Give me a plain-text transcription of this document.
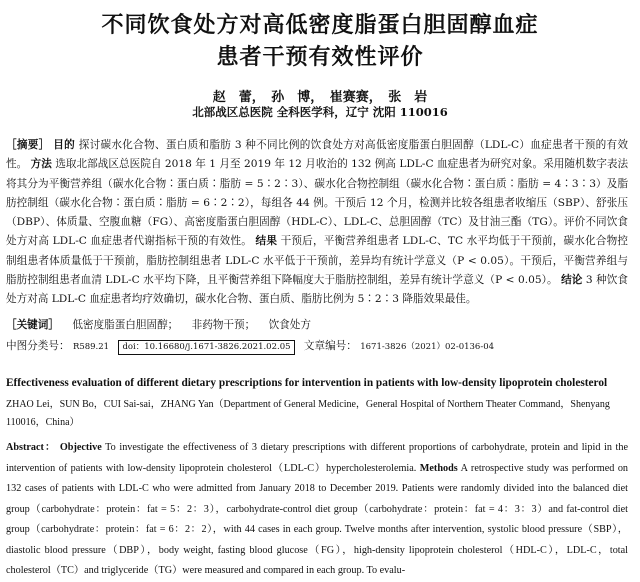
不同饮食处方对高低密度脂蛋白胆固醇血症
患者干预有效性评价
赵　蕾，　孙　博，　崔赛赛，　张　岩
北部战区总医院 全科医学科，辽宁 沈阳 110016
［摘要］ 目的 探讨碳水化合物、蛋白质和脂肪 3 种不同比例的饮食处方对高低密度脂蛋白胆固醇（LDL-C）血症患者干预的有效性。 方法 选取北部战区总医院自 2018 年 1 月至 2019 年 12 月收治的 132 例高 LDL-C 血症患者为研究对象。采用随机数字表法将其分为平衡营养组（碳水化合物∶蛋白质∶脂肪 = 5∶2∶3）、碳水化合物控制组（碳水化合物∶蛋白质∶脂肪 = 4∶3∶3）及脂肪控制组（碳水化合物∶蛋白质∶脂肪 = 6∶2∶2），每组各 44 例。干预后 12 个月，检测并比较各组患者收缩压（SBP）、舒张压（DBP）、体质量、空腹血糖（FG）、高密度脂蛋白胆固醇（HDL-C）、LDL-C、总胆固醇（TC）及甘油三酯（TG）。评价不同饮食处方对高 LDL-C 血症患者代谢指标干预的有效性。 结果 干预后，平衡营养组患者 LDL-C、TC 水平均低于干预前，碳水化合物控制组患者体质量低于干预前，脂肪控制组患者 LDL-C 水平低于干预前，差异均有统计学意义（P < 0.05）。干预后，平衡营养组与脂肪控制组患者血清 LDL-C 水平均下降，且平衡营养组下降幅度大于脂肪控制组，差异有统计学意义（P < 0.05）。 结论 3 种饮食处方对高 LDL-C 血症患者均疗效确切，碳水化合物、蛋白质、脂肪比例为 5∶2∶3 降脂效果最佳。
［关键词］ 低密度脂蛋白胆固醇； 非药物干预； 饮食处方
中图分类号： R589.21 doi：10.16680/j.1671-3826.2021.02.05 文章编号： 1671-3826（2021）02-0136-04
Effectiveness evaluation of different dietary prescriptions for intervention in patients with low-density lipoprotein cholesterol
ZHAO Lei，SUN Bo，CUI Sai-sai，ZHANG Yan（Department of General Medicine，General Hospital of Northern Theater Command，Shenyang 110016，China）
Abstract： Objective To investigate the effectiveness of 3 dietary prescriptions with different proportions of carbohydrate, protein and lipid in the intervention of patients with low-density lipoprotein cholesterol（LDL-C）hypercholesterolemia. Methods A retrospective study was performed on 132 cases of patients with LDL-C who were admitted from January 2018 to December 2019. Patients were randomly divided into the balanced diet group（carbohydrate：protein：fat = 5：2：3），carbohydrate-control diet group（carbohydrate：protein：fat = 4：3：3）and fat-control diet group（carbohydrate：protein：fat = 6：2：2），with 44 cases in each group. Twelve months after intervention, systolic blood pressure（SBP），diastolic blood pressure（DBP），body weight, fasting blood glucose（FG），high-density lipoprotein cholesterol（HDL-C），LDL-C，total cholesterol（TC）and triglyceride（TG）were measured and compared in each group. To evalu-
